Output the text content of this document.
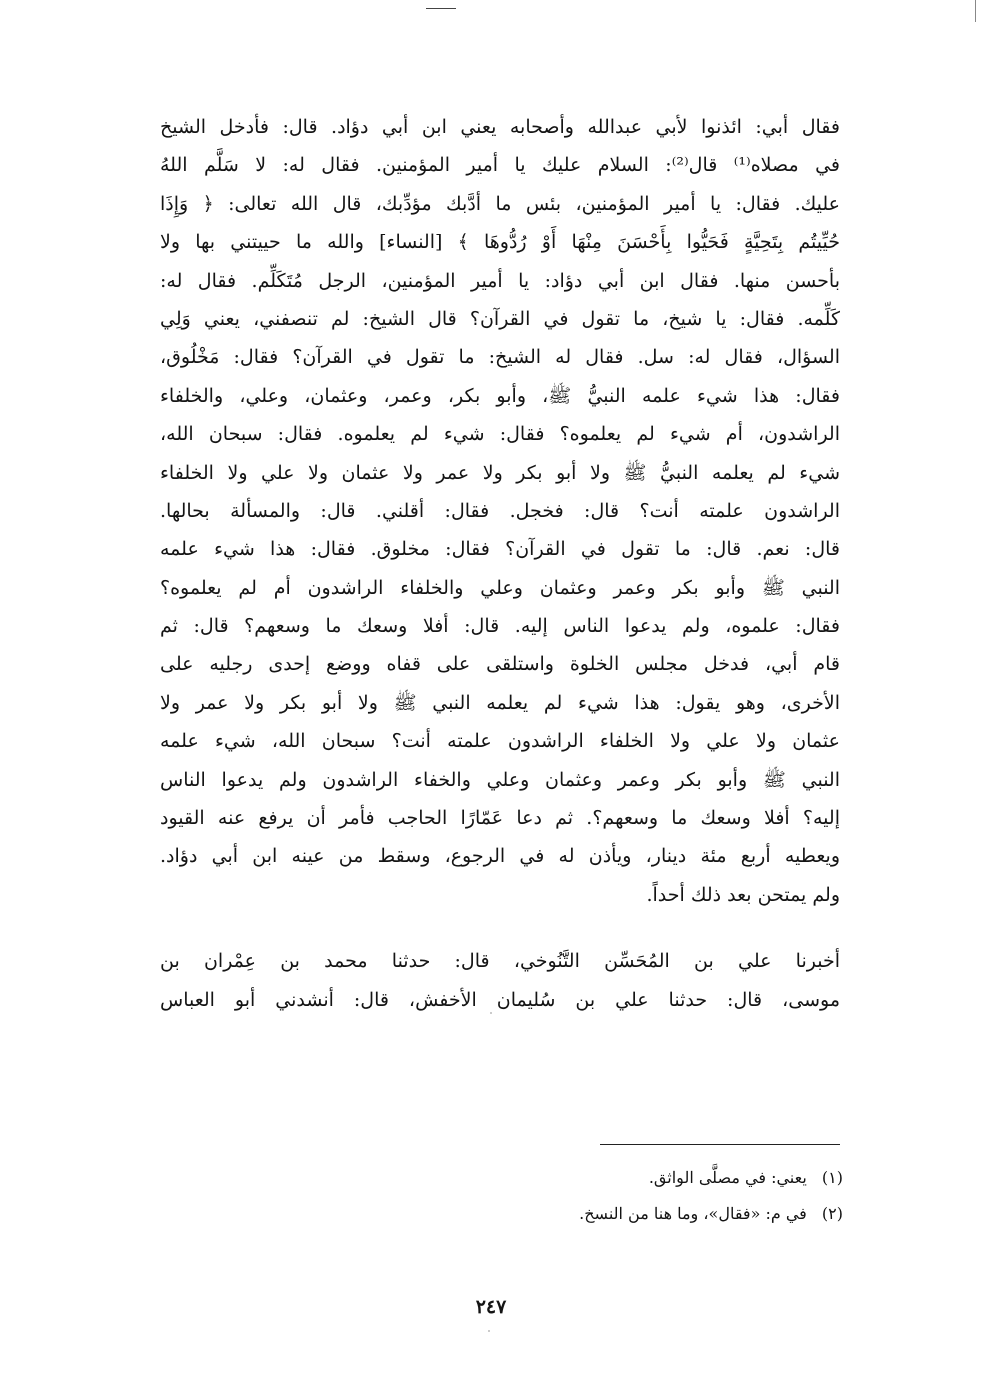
فقال أبي: ائذنوا لأبي عبدالله وأصحابه يعني ابن أبي دؤاد. قال: فأدخل الشيخ
في مصلاه⁽¹⁾ قال⁽²⁾: السلام عليك يا أمير المؤمنين. فقال له: لا سَلَّم اللهُ
عليك. فقال: يا أمير المؤمنين، بئس ما أدَّبك مؤدِّبك، قال الله تعالى: ﴿ وَإِذَا
حُيِّيتُم بِتَحِيَّةٍ فَحَيُّوا بِأَحْسَنَ مِنْهَا أَوْ رُدُّوهَا ﴾ [النساء] والله ما حييتني بها ولا
بأحسن منها. فقال ابن أبي دؤاد: يا أمير المؤمنين، الرجل مُتَكَلِّم. فقال له:
كَلِّمه. فقال: يا شيخ، ما تقول في القرآن؟ قال الشيخ: لم تنصفني، يعني وَلِي
السؤال، فقال له: سل. فقال له الشيخ: ما تقول في القرآن؟ فقال: مَخْلُوق،
فقال: هذا شيء علمه النبيُّ ﷺ، وأبو بكر، وعمر، وعثمان، وعلي، والخلفاء
الراشدون، أم شيء لم يعلموه؟ فقال: شيء لم يعلموه. فقال: سبحان الله،
شيء لم يعلمه النبيُّ ﷺ ولا أبو بكر ولا عمر ولا عثمان ولا علي ولا الخلفاء
الراشدون علمته أنت؟ قال: فخجل. فقال: أقلني. قال: والمسألة بحالها.
قال: نعم. قال: ما تقول في القرآن؟ فقال: مخلوق. فقال: هذا شيء علمه
النبي ﷺ وأبو بكر وعمر وعثمان وعلي والخلفاء الراشدون أم لم يعلموه؟
فقال: علموه، ولم يدعوا الناس إليه. قال: أفلا وسعك ما وسعهم؟ قال: ثم
قام أبي، فدخل مجلس الخلوة واستلقى على قفاه ووضع إحدى رجليه على
الأخرى، وهو يقول: هذا شيء لم يعلمه النبي ﷺ ولا أبو بكر ولا عمر ولا
عثمان ولا علي ولا الخلفاء الراشدون علمته أنت؟ سبحان الله، شيء علمه
النبي ﷺ وأبو بكر وعمر وعثمان وعلي والخفاء الراشدون ولم يدعوا الناس
إليه؟ أفلا وسعك ما وسعهم؟. ثم دعا عَمّارًا الحاجب فأمر أن يرفع عنه القيود
ويعطيه أربع مئة دينار، ويأذن له في الرجوع، وسقط من عينه ابن أبي دؤاد.
ولم يمتحن بعد ذلك أحداً.
أخبرنا علي بن المُحَسِّن التَّنُوخي، قال: حدثنا محمد بن عِمْران بن
موسى، قال: حدثنا علي بن سُليمان الأخفش، قال: أنشدني أبو العباس
(١) يعني: في مصلَّى الواثق.
(٢) في م: «فقال»، وما هنا من النسخ.
٢٤٧
